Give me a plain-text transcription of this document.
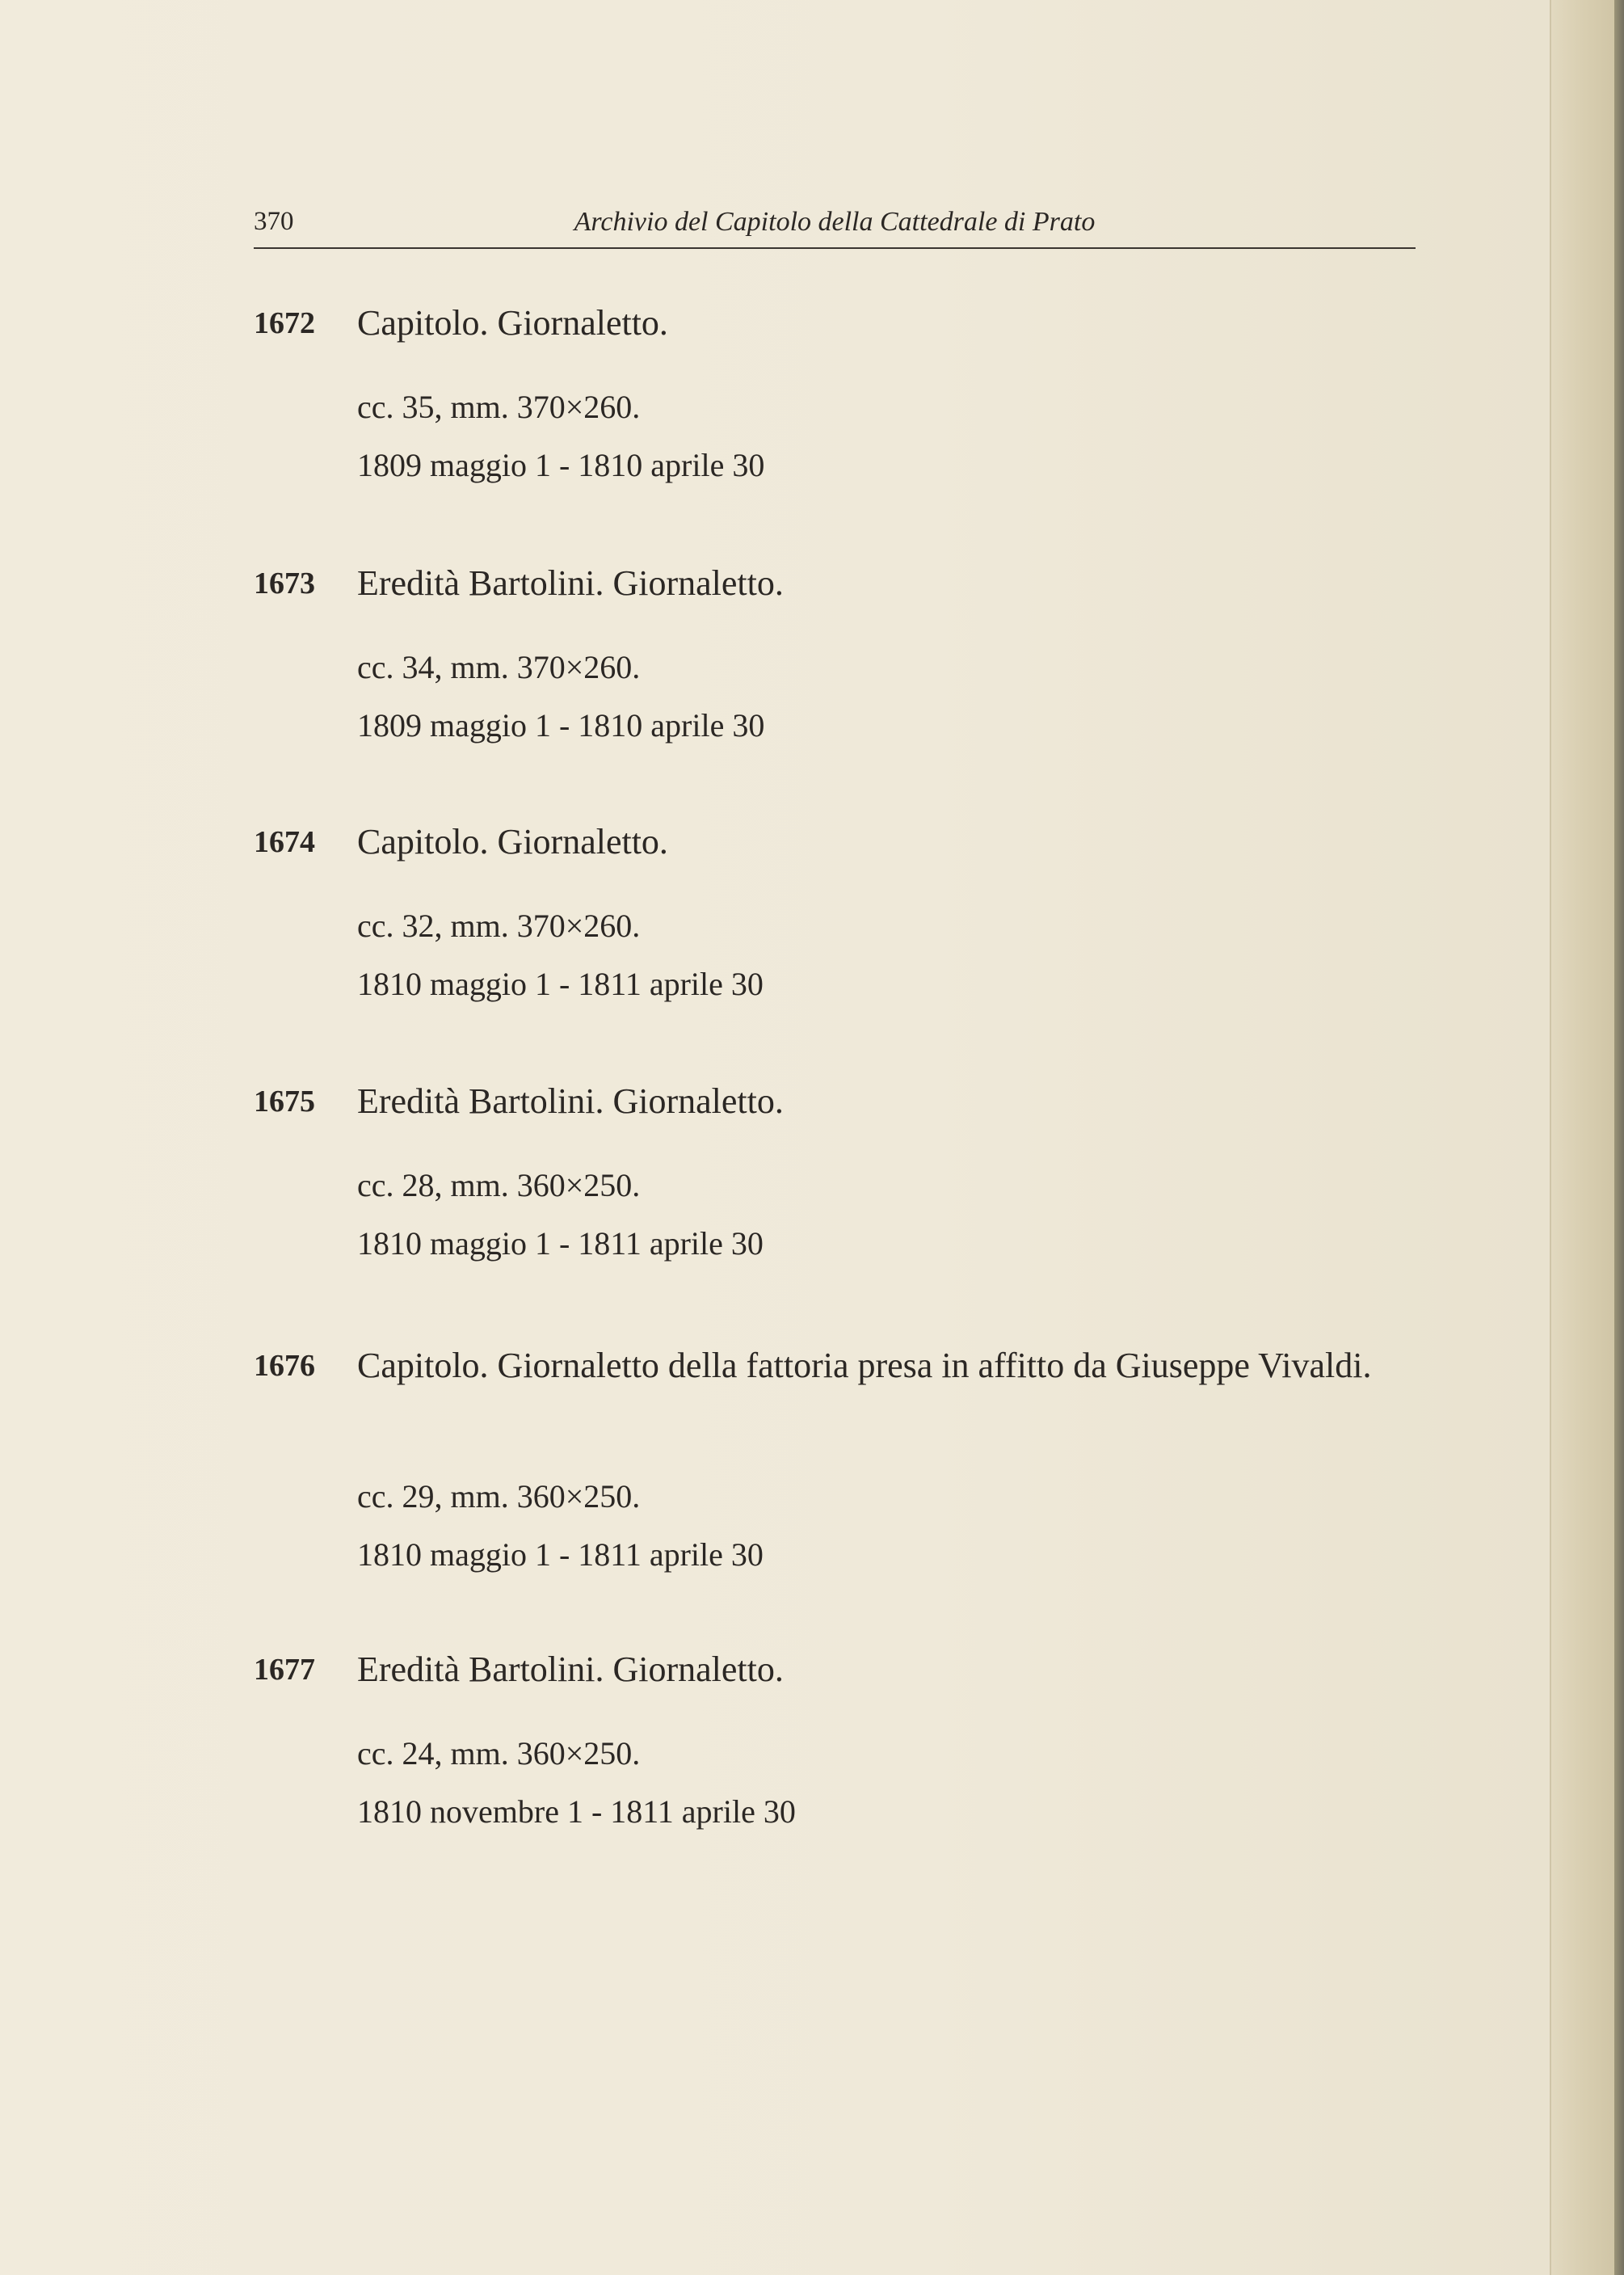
370	Archivio del Capitolo della Cattedrale di Prato
1672 Capitolo. Giornaletto.
cc. 35, mm. 370×260.
1809 maggio 1 - 1810 aprile 30
1673 Eredità Bartolini. Giornaletto.
cc. 34, mm. 370×260.
1809 maggio 1 - 1810 aprile 30
1674 Capitolo. Giornaletto.
cc. 32, mm. 370×260.
1810 maggio 1 - 1811 aprile 30
1675 Eredità Bartolini. Giornaletto.
cc. 28, mm. 360×250.
1810 maggio 1 - 1811 aprile 30
1676 Capitolo. Giornaletto della fattoria presa in affitto da Giuseppe Vivaldi.
cc. 29, mm. 360×250.
1810 maggio 1 - 1811 aprile 30
1677 Eredità Bartolini. Giornaletto.
cc. 24, mm. 360×250.
1810 novembre 1 - 1811 aprile 30
